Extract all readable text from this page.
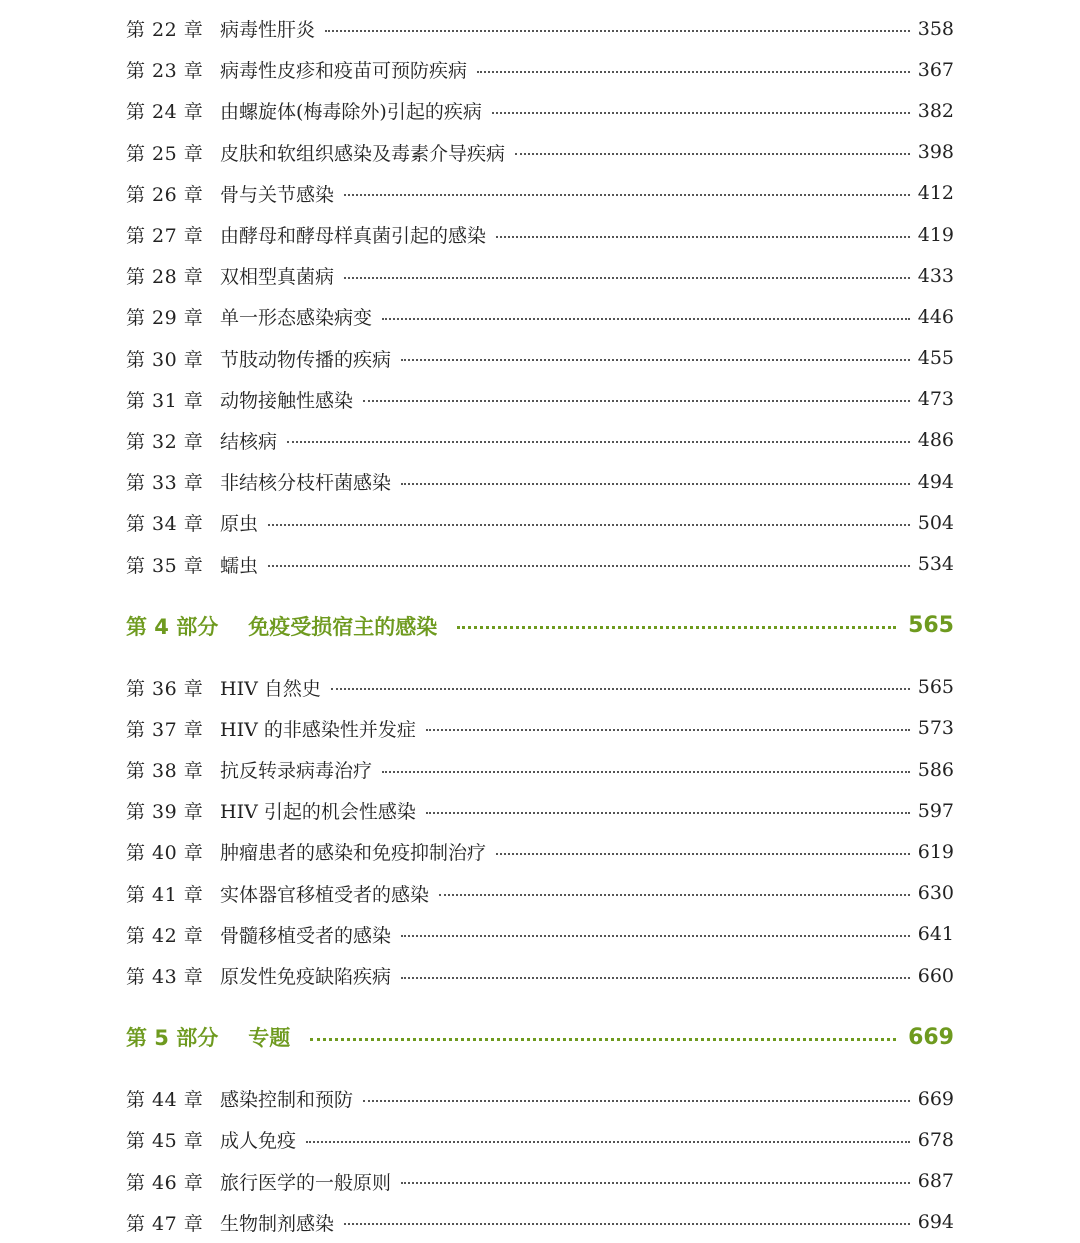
第 22 章 病毒性肝炎	358
第 23 章 病毒性皮疹和疫苗可预防疾病	367
第 24 章 由螺旋体(梅毒除外)引起的疾病	382
第 25 章 皮肤和软组织感染及毒素介导疾病	398
第 26 章 骨与关节感染	412
第 27 章 由酵母和酵母样真菌引起的感染	419
第 28 章 双相型真菌病	433
第 29 章 单一形态感染病变	446
第 30 章 节肢动物传播的疾病	455
第 31 章 动物接触性感染	473
第 32 章 结核病	486
第 33 章 非结核分枝杆菌感染	494
第 34 章 原虫	504
第 35 章 蠕虫	534
第 4 部分	免疫受损宿主的感染	565
第 36 章 HIV 自然史	565
第 37 章 HIV 的非感染性并发症	573
第 38 章 抗反转录病毒治疗	586
第 39 章 HIV 引起的机会性感染	597
第 40 章 肿瘤患者的感染和免疫抑制治疗	619
第 41 章 实体器官移植受者的感染	630
第 42 章 骨髓移植受者的感染	641
第 43 章 原发性免疫缺陷疾病	660
第 5 部分	专题	669
第 44 章 感染控制和预防	669
第 45 章 成人免疫	678
第 46 章 旅行医学的一般原则	687
第 47 章 生物制剂感染	694
